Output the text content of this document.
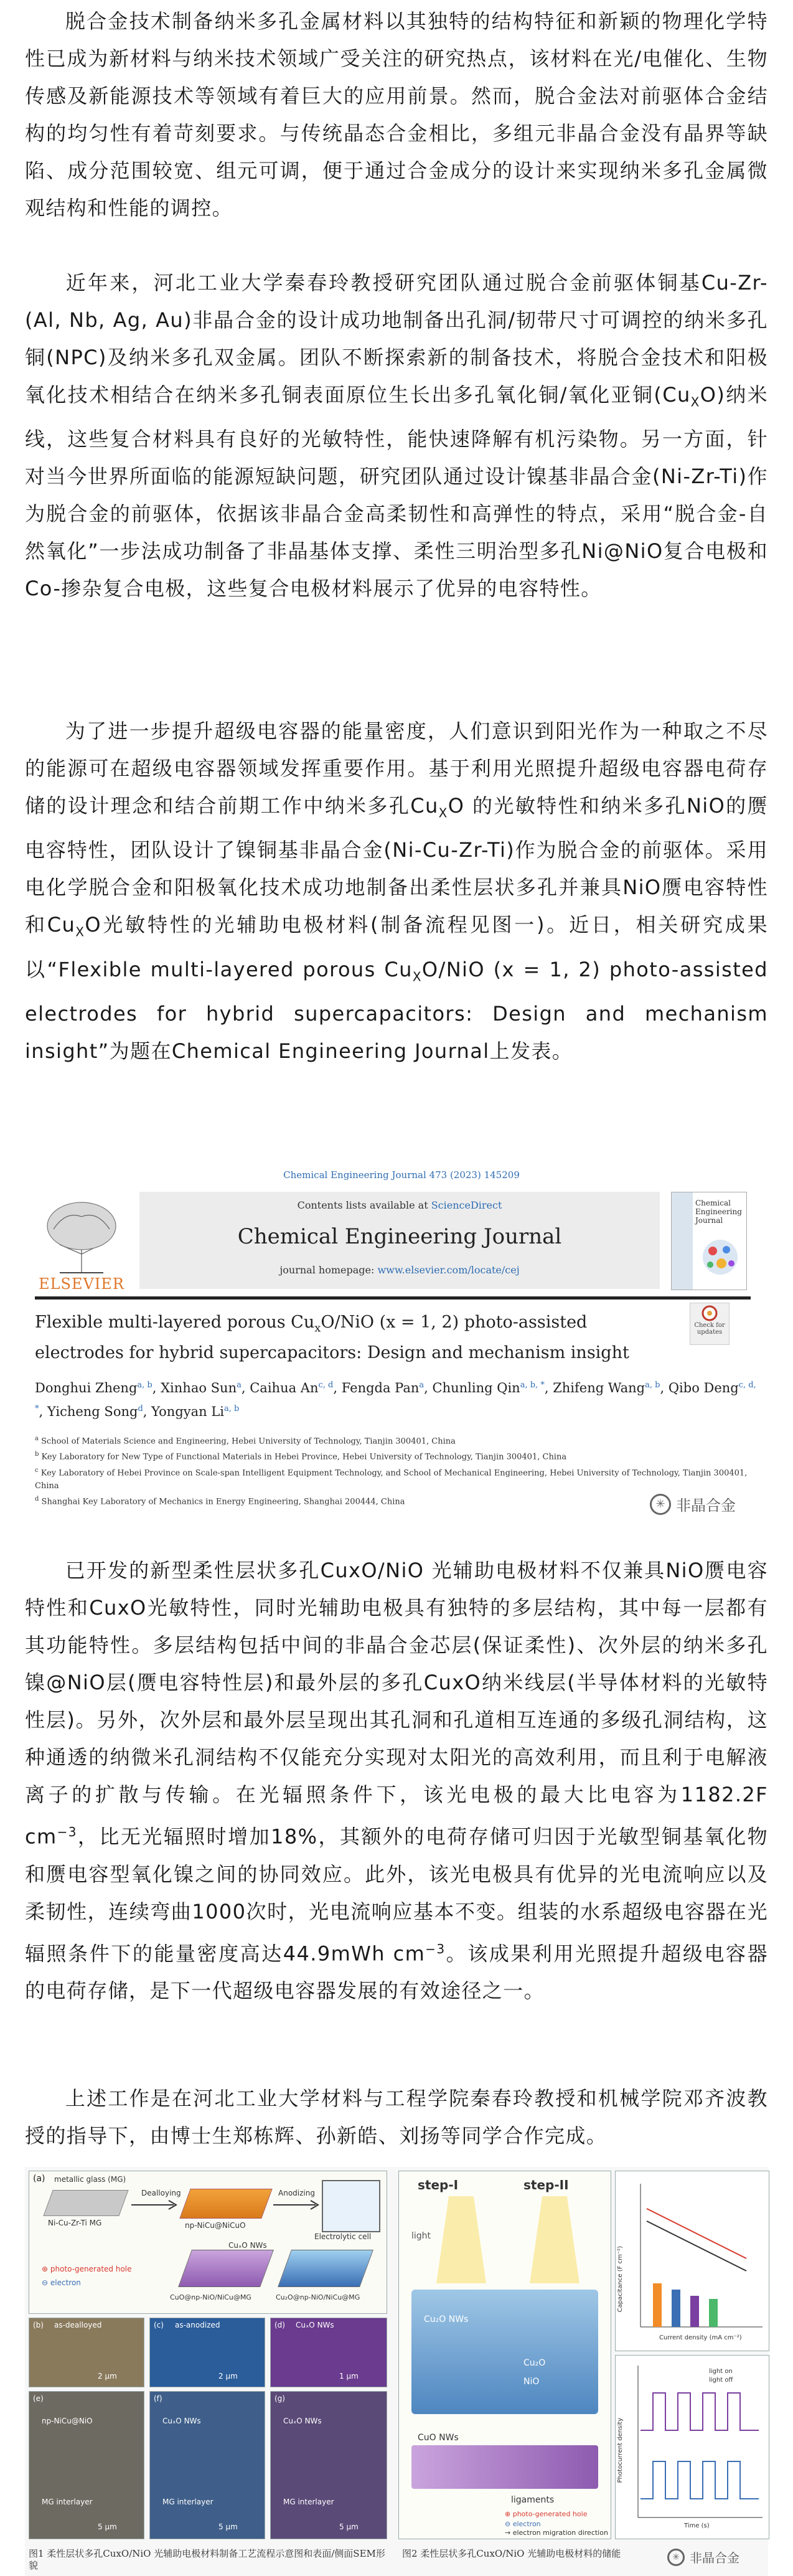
脱合金技术制备纳米多孔金属材料以其独特的结构特征和新颖的物理化学特性已成为新材料与纳米技术领域广受关注的研究热点，该材料在光/电催化、生物传感及新能源技术等领域有着巨大的应用前景。然而，脱合金法对前驱体合金结构的均匀性有着苛刻要求。与传统晶态合金相比，多组元非晶合金没有晶界等缺陷、成分范围较宽、组元可调，便于通过合金成分的设计来实现纳米多孔金属微观结构和性能的调控。

近年来，河北工业大学秦春玲教授研究团队通过脱合金前驱体铜基Cu-Zr-(Al, Nb, Ag, Au)非晶合金的设计成功地制备出孔洞/韧带尺寸可调控的纳米多孔铜(NPC)及纳米多孔双金属。团队不断探索新的制备技术，将脱合金技术和阳极氧化技术相结合在纳米多孔铜表面原位生长出多孔氧化铜/氧化亚铜$(Cu_XO)$纳米线，这些复合材料具有良好的光敏特性，能快速降解有机污染物。另一方面，针对当今世界所面临的能源短缺问题，研究团队通过设计镍基非晶合金(Ni-Zr-Ti)作为脱合金的前驱体，依据该非晶合金高柔韧性和高弹性的特点，采用“脱合金-自然氧化”一步法成功制备了非晶基体支撑、柔性三明治型多孔Ni@NiO复合电极和Co-掺杂复合电极，这些复合电极材料展示了优异的电容特性。

为了进一步提升超级电容器的能量密度，人们意识到阳光作为一种取之不尽的能源可在超级电容器领域发挥重要作用。基于利用光照提升超级电容器电荷存储的设计理念和结合前期工作中纳米多孔$Cu_XO$ 的光敏特性和纳米多孔NiO的赝电容特性，团队设计了镍铜基非晶合金(Ni-Cu-Zr-Ti)作为脱合金的前驱体。采用电化学脱合金和阳极氧化技术成功地制备出柔性层状多孔并兼具NiO赝电容特性和$Cu_XO$光敏特性的光辅助电极材料(制备流程见图一)。近日，相关研究成果以“Flexible multi-layered porous $Cu_XO$/NiO (x = 1, 2) photo-assisted electrodes for hybrid supercapacitors: Design and mechanism insight”为题在Chemical Engineering Journal上发表。

Chemical Engineering Journal 473 (2023) 145209
ELSEVIER
Contents lists available at ScienceDirect
Chemical Engineering Journal
journal homepage: www.elsevier.com/locate/cej
Chemical Engineering Journal
Flexible multi-layered porous $Cu_xO$/NiO (x = 1, 2) photo-assisted
electrodes for hybrid supercapacitors: Design and mechanism insight
Check for updates
Donghui Zheng$^{a, b}$, Xinhao Sun$^a$, Caihua An$^{c, d}$, Fengda Pan$^a$, Chunling Qin$^{a, b, *}$, Zhifeng Wang$^{a, b}$, Qibo Deng$^{c, d, *}$, Yicheng Song$^d$, Yongyan Li$^{a, b}$
$^a$ School of Materials Science and Engineering, Hebei University of Technology, Tianjin 300401, China
$^b$ Key Laboratory for New Type of Functional Materials in Hebei Province, Hebei University of Technology, Tianjin 300401, China
$^c$ Key Laboratory of Hebei Province on Scale-span Intelligent Equipment Technology, and School of Mechanical Engineering, Hebei University of Technology, Tianjin 300401, China
$^d$ Shanghai Key Laboratory of Mechanics in Energy Engineering, Shanghai 200444, China	✳ 非晶合金

已开发的新型柔性层状多孔CuxO/NiO 光辅助电极材料不仅兼具NiO赝电容特性和CuxO光敏特性，同时光辅助电极具有独特的多层结构，其中每一层都有其功能特性。多层结构包括中间的非晶合金芯层(保证柔性)、次外层的纳米多孔镍@NiO层(赝电容特性层)和最外层的多孔CuxO纳米线层(半导体材料的光敏特性层)。另外，次外层和最外层呈现出其孔洞和孔道相互连通的多级孔洞结构，这种通透的纳微米孔洞结构不仅能充分实现对太阳光的高效利用，而且利于电解液离子的扩散与传输。在光辐照条件下，该光电极的最大比电容为1182.2F $cm^{-3}$，比无光辐照时增加18%，其额外的电荷存储可归因于光敏型铜基氧化物和赝电容型氧化镍之间的协同效应。此外，该光电极具有优异的光电流响应以及柔韧性，连续弯曲1000次时，光电流响应基本不变。组装的水系超级电容器在光辐照条件下的能量密度高达44.9mWh $cm^{-3}$。该成果利用光照提升超级电容器的电荷存储，是下一代超级电容器发展的有效途径之一。

上述工作是在河北工业大学材料与工程学院秦春玲教授和机械学院邓齐波教授的指导下，由博士生郑栋辉、孙新皓、刘扬等同学合作完成。

(a) metallic glass (MG)
Ni-Cu-Zr-Ti MG
Dealloying
np-NiCu@NiCuO
Anodizing
Electrolytic cell
CuₓO NWs
CuO@np-NiO/NiCu@MG	Cu₂O@np-NiO/NiCu@MG
⊕ photo-generated hole
⊖ electron
(b) as-dealloyed
2 μm
(c) as-anodized
2 μm
(d) CuₓO NWs
1 μm
(e)
np-NiCu@NiO
MG interlayer
5 μm
(f)
CuₓO NWs
MG interlayer
5 μm
(g)
CuₓO NWs
MG interlayer
5 μm
step-I	step-II
light
Cu₂O NWs
Cu₂O
NiO
CuO NWs
ligaments
⊕ photo-generated hole
⊖ electron
→ electron migration direction
Current density (mA cm⁻²)
Capacitance (F cm⁻²)
Time (s)
Photocurrent density
light on
light off
图1 柔性层状多孔CuxO/NiO 光辅助电极材料制备工艺流程示意图和表面/侧面SEM形貌
图2 柔性层状多孔CuxO/NiO 光辅助电极材料的储能	✳ 非晶合金
